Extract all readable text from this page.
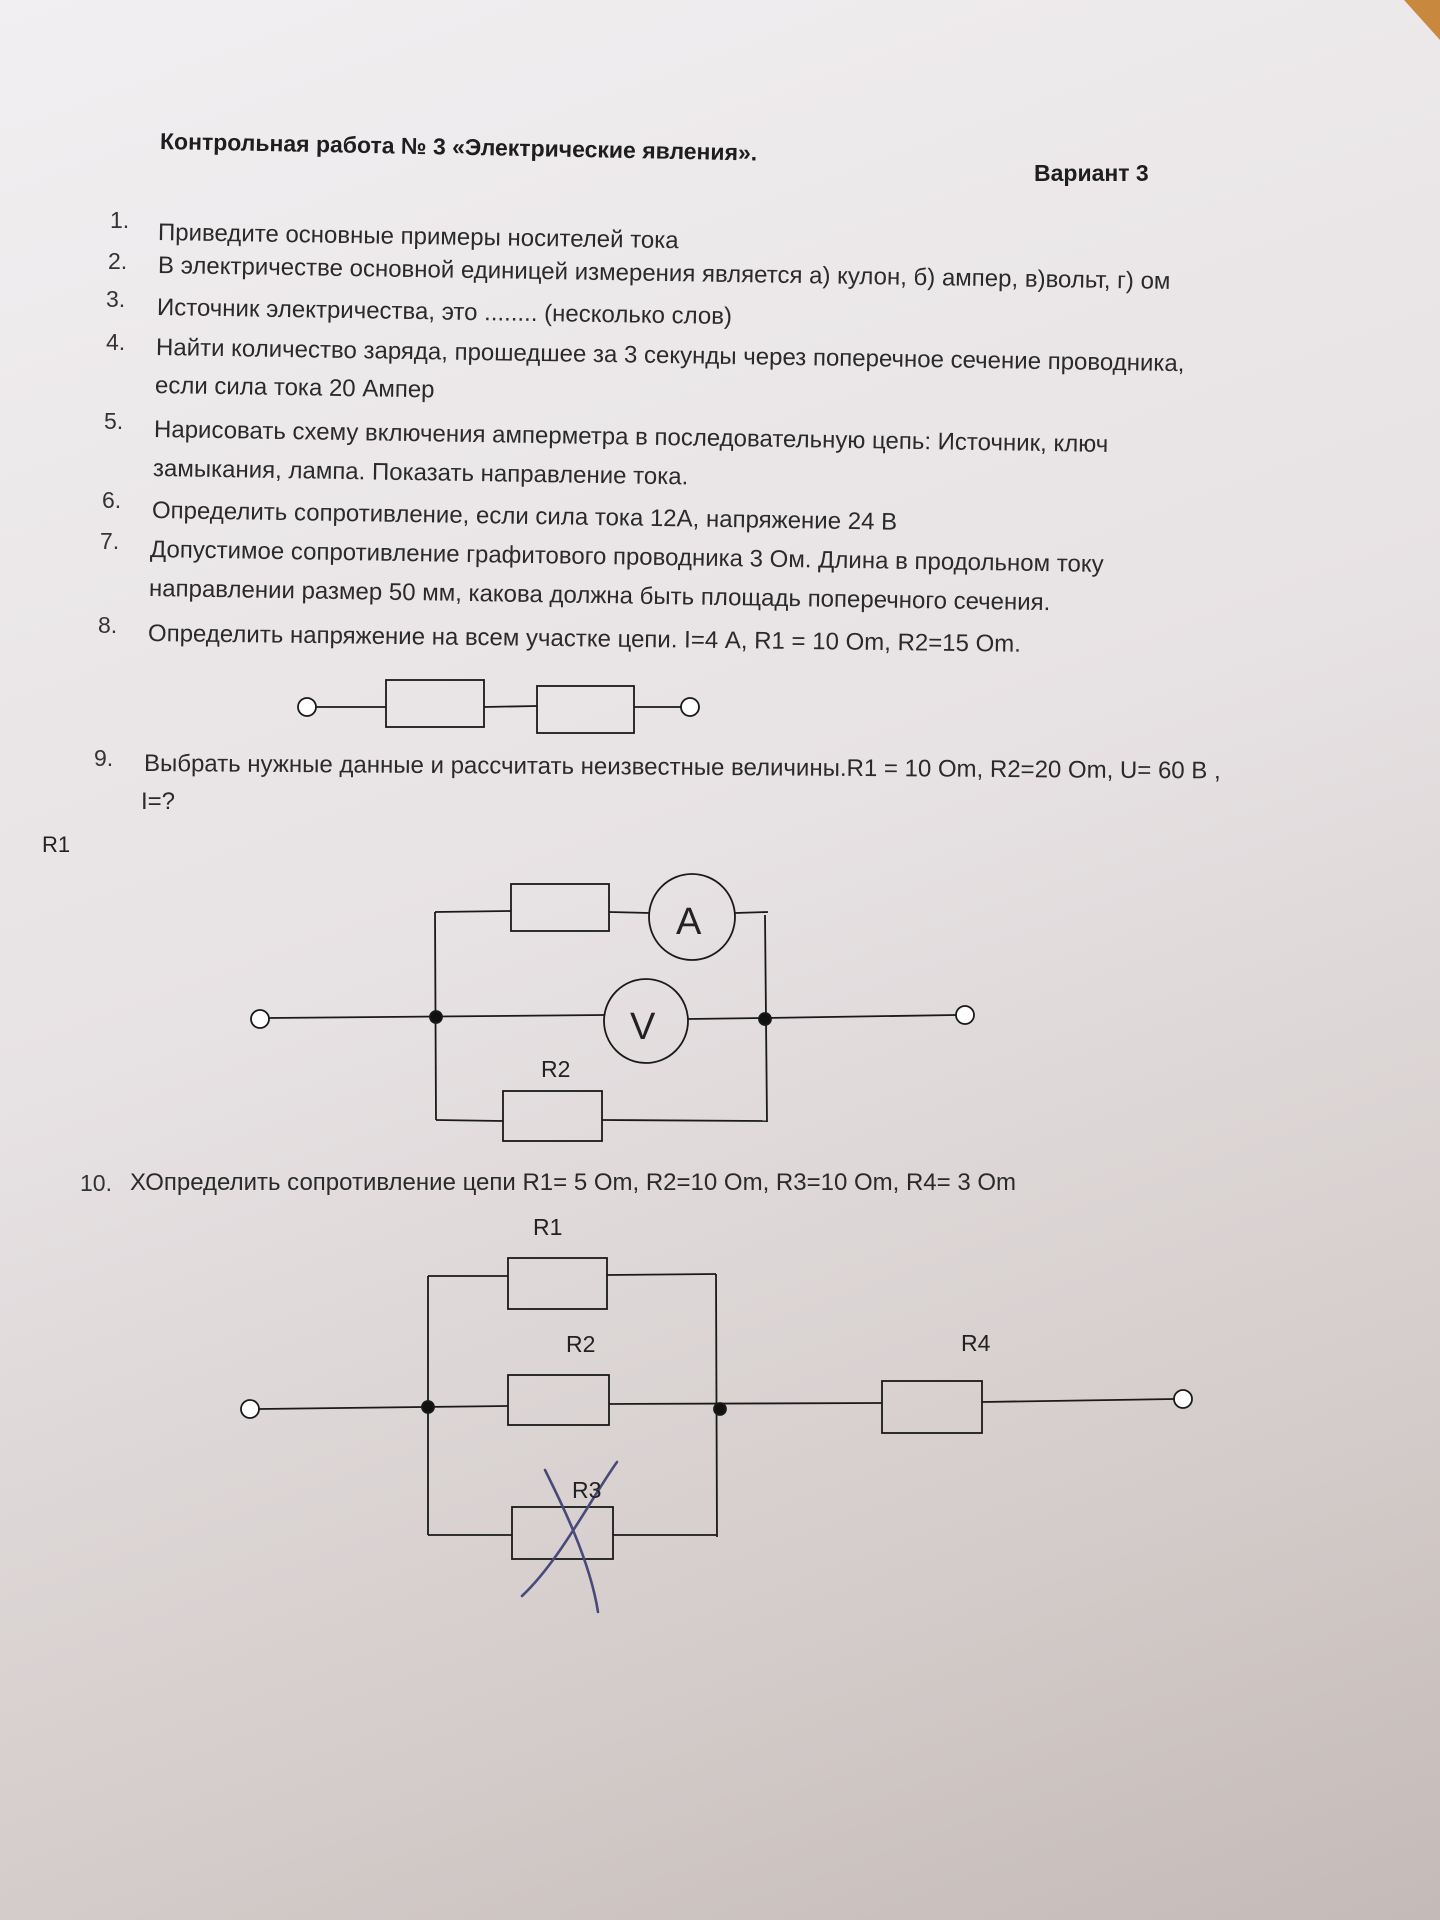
Контрольная работа № 3 «Электрические явления».
Вариант 3
1. Приведите основные примеры носителей тока
2. В электричестве основной единицей измерения является а) кулон, б) ампер, в)вольт, г) ом
3. Источник электричества, это ........ (несколько слов)
4. Найти количество заряда, прошедшее за 3 секунды через поперечное сечение проводника,
если сила тока 20 Ампер
5. Нарисовать схему включения амперметра в последовательную цепь: Источник, ключ
замыкания, лампа. Показать направление тока.
6. Определить сопротивление, если сила тока 12А, напряжение 24 В
7. Допустимое сопротивление графитового проводника 3 Ом. Длина в продольном току
направлении размер 50 мм, какова должна быть площадь поперечного сечения.
8. Определить напряжение на всем участке цепи. I=4 А, R1 = 10 Om, R2=15 Om.
9. Выбрать нужные данные и рассчитать неизвестные величины.R1 = 10 Om, R2=20 Om, U= 60 В ,
I=?
10. ХОпределить сопротивление цепи R1= 5 Om, R2=10 Om, R3=10 Om, R4= 3 Om
R1
A
V
R2
R1
R2
R3
R4
